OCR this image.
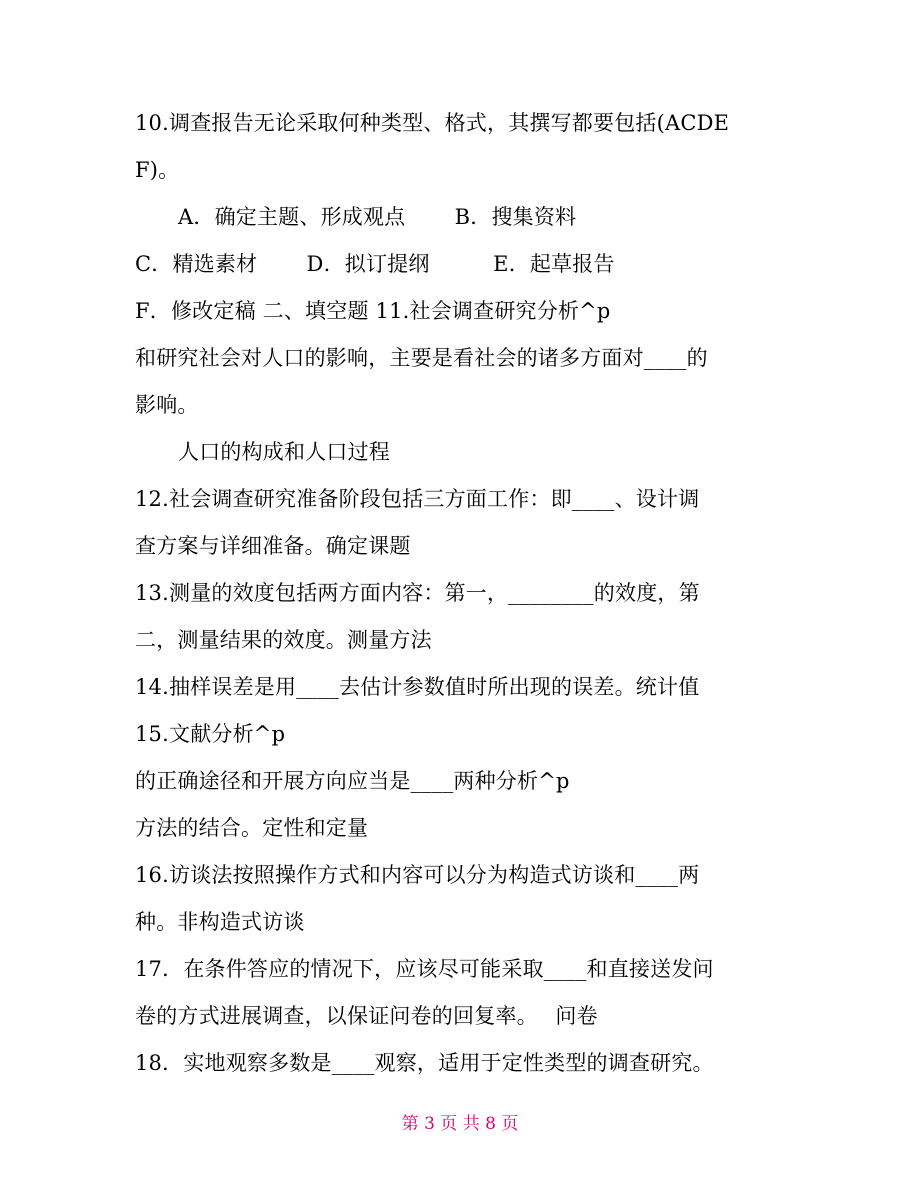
10.调查报告无论采取何种类型、格式，其撰写都要包括(ACDE
F)。
A．确定主题、形成观点　　 B．搜集资料
C．精选素材　　 D．拟订提纲　　　E．起草报告
F．修改定稿 二、填空题 11.社会调查研究分析^p
和研究社会对人口的影响，主要是看社会的诸多方面对____的
影响。
人口的构成和人口过程
12.社会调查研究准备阶段包括三方面工作：即____、设计调
查方案与详细准备。确定课题
13.测量的效度包括两方面内容：第一，________的效度，第
二，测量结果的效度。测量方法
14.抽样误差是用____去估计参数值时所出现的误差。统计值
15.文献分析^p
的正确途径和开展方向应当是____两种分析^p
方法的结合。定性和定量
16.访谈法按照操作方式和内容可以分为构造式访谈和____两
种。非构造式访谈
17．在条件答应的情况下，应该尽可能采取____和直接送发问
卷的方式进展调查，以保证问卷的回复率。　 问卷
18．实地观察多数是____观察，适用于定性类型的调查研究。
第 3 页 共 8 页
